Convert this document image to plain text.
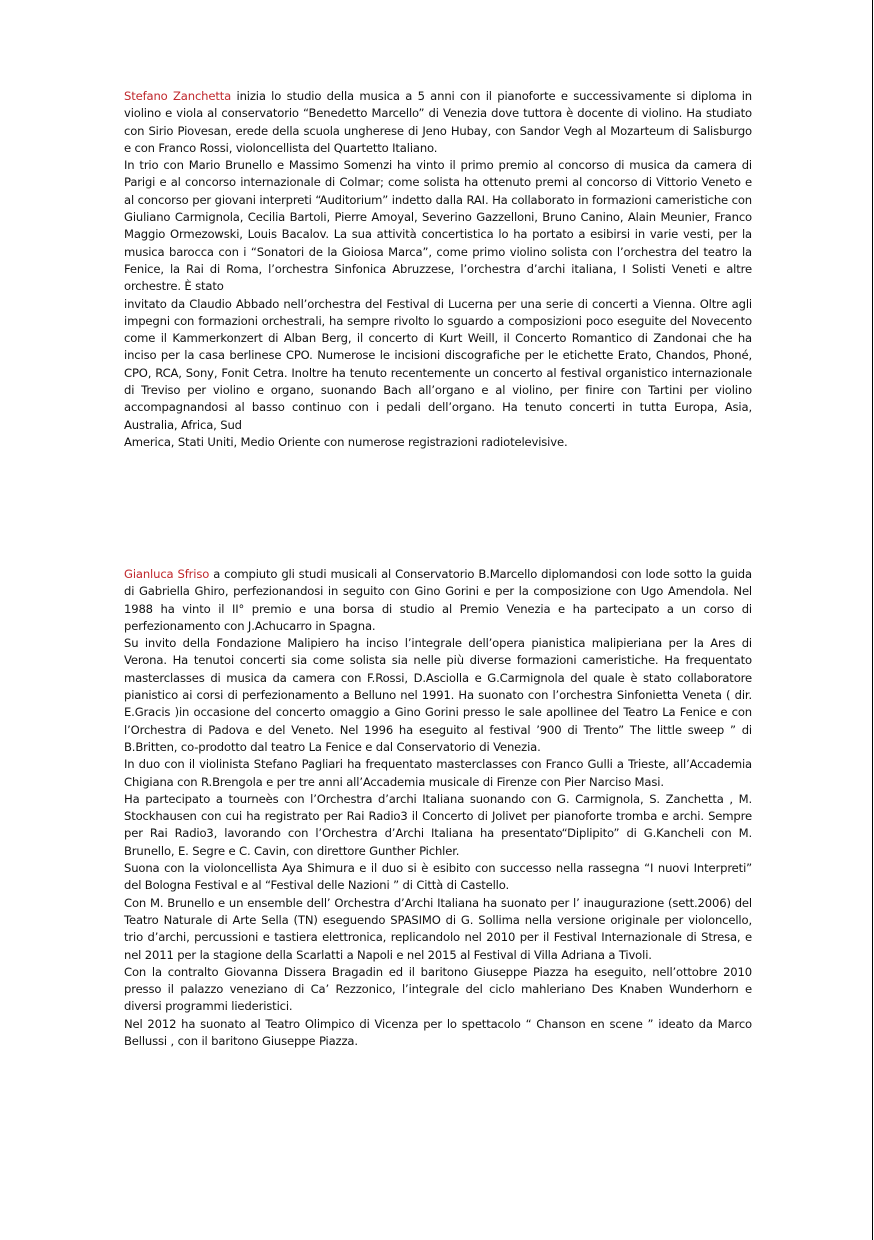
Stefano Zanchetta inizia lo studio della musica a 5 anni con il pianoforte e successivamente si diploma in violino e viola al conservatorio “Benedetto Marcello” di Venezia dove tuttora è docente di violino. Ha studiato con Sirio Piovesan, erede della scuola ungherese di Jeno Hubay, con Sandor Vegh al Mozarteum di Salisburgo e con Franco Rossi, violoncellista del Quartetto Italiano.

In trio con Mario Brunello e Massimo Somenzi ha vinto il primo premio al concorso di musica da camera di Parigi e al concorso internazionale di Colmar; come solista ha ottenuto premi al concorso di Vittorio Veneto e al concorso per giovani interpreti “Auditorium” indetto dalla RAI. Ha collaborato in formazioni cameristiche con Giuliano Carmignola, Cecilia Bartoli, Pierre Amoyal, Severino Gazzelloni, Bruno Canino, Alain Meunier, Franco Maggio Ormezowski, Louis Bacalov. La sua attività concertistica lo ha portato a esibirsi in varie vesti, per la musica barocca con i “Sonatori de la Gioiosa Marca”, come primo violino solista con l’orchestra del teatro la Fenice, la Rai di Roma, l’orchestra Sinfonica Abruzzese, l’orchestra d’archi italiana, I Solisti Veneti e altre orchestre. È stato

invitato da Claudio Abbado nell’orchestra del Festival di Lucerna per una serie di concerti a Vienna. Oltre agli impegni con formazioni orchestrali, ha sempre rivolto lo sguardo a composizioni poco eseguite del Novecento come il Kammerkonzert di Alban Berg, il concerto di Kurt Weill, il Concerto Romantico di Zandonai che ha inciso per la casa berlinese CPO. Numerose le incisioni discografiche per le etichette Erato, Chandos, Phoné, CPO, RCA, Sony, Fonit Cetra. Inoltre ha tenuto recentemente un concerto al festival organistico internazionale di Treviso per violino e organo, suonando Bach all’organo e al violino, per finire con Tartini per violino accompagnandosi al basso continuo con i pedali dell’organo. Ha tenuto concerti in tutta Europa, Asia, Australia, Africa, Sud

America, Stati Uniti, Medio Oriente con numerose registrazioni radiotelevisive.

Gianluca Sfriso a compiuto gli studi musicali al Conservatorio B.Marcello diplomandosi con lode sotto la guida di Gabriella Ghiro, perfezionandosi in seguito con Gino Gorini e per la composizione con Ugo Amendola. Nel 1988 ha vinto il II° premio e una borsa di studio al Premio Venezia e ha partecipato a un corso di perfezionamento con J.Achucarro in Spagna.

Su invito della Fondazione Malipiero ha inciso l’integrale dell’opera pianistica malipieriana per la Ares di Verona. Ha tenutoi concerti sia come solista sia nelle più diverse formazioni cameristiche. Ha frequentato masterclasses di musica da camera con F.Rossi, D.Asciolla e G.Carmignola del quale è stato collaboratore pianistico ai corsi di perfezionamento a Belluno nel 1991. Ha suonato con l’orchestra Sinfonietta Veneta ( dir. E.Gracis )in occasione del concerto omaggio a Gino Gorini presso le sale apollinee del Teatro La Fenice e con l’Orchestra di Padova e del Veneto. Nel 1996 ha eseguito al festival ’900 di Trento” The little sweep ” di B.Britten, co-prodotto dal teatro La Fenice e dal Conservatorio di Venezia.

In duo con il violinista Stefano Pagliari ha frequentato masterclasses con Franco Gulli a Trieste, all’Accademia Chigiana con R.Brengola e per tre anni all’Accademia musicale di Firenze con Pier Narciso Masi.

Ha partecipato a tourneès con l’Orchestra d’archi Italiana suonando con G. Carmignola, S. Zanchetta , M. Stockhausen con cui ha registrato per Rai Radio3 il Concerto di Jolivet per pianoforte tromba e archi. Sempre per Rai Radio3, lavorando con l’Orchestra d’Archi Italiana ha presentato“Diplipito” di G.Kancheli con M. Brunello, E. Segre e C. Cavin, con direttore Gunther Pichler.

Suona con la violoncellista Aya Shimura e il duo si è esibito con successo nella rassegna “I nuovi Interpreti” del Bologna Festival e al “Festival delle Nazioni ” di Città di Castello.

Con M. Brunello e un ensemble dell’ Orchestra d’Archi Italiana ha suonato per l’ inaugurazione (sett.2006) del Teatro Naturale di Arte Sella (TN) eseguendo SPASIMO di G. Sollima nella versione originale per violoncello, trio d’archi, percussioni e tastiera elettronica, replicandolo nel 2010 per il Festival Internazionale di Stresa, e nel 2011 per la stagione della Scarlatti a Napoli e nel 2015 al Festival di Villa Adriana a Tivoli.

Con la contralto Giovanna Dissera Bragadin ed il baritono Giuseppe Piazza ha eseguito, nell’ottobre 2010 presso il palazzo veneziano di Ca’ Rezzonico, l’integrale del ciclo mahleriano Des Knaben Wunderhorn e diversi programmi liederistici.

Nel 2012 ha suonato al Teatro Olimpico di Vicenza per lo spettacolo “ Chanson en scene ” ideato da Marco Bellussi , con il baritono Giuseppe Piazza.
